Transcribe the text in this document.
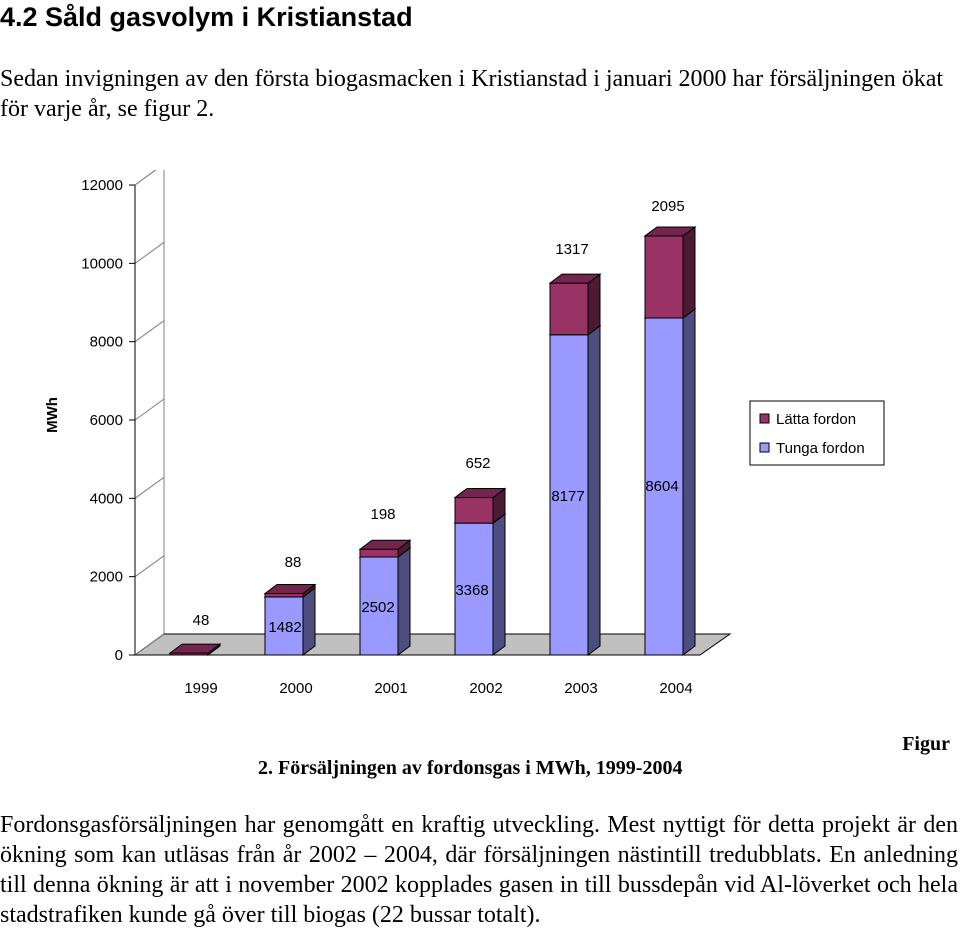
4.2 Såld gasvolym i Kristianstad

Sedan invigningen av den första biogasmacken i Kristianstad i januari 2000 har försäljningen ökat för varje år, se figur 2.

0
2000
4000
6000
8000
10000
12000
MWh
1999	2000	2001	2002	2003	2004
48
88
198
652
1317
2095
1482
2502
3368
8177
8604
Lätta fordon
Tunga fordon
Figur
2. Försäljningen av fordonsgas i MWh, 1999-2004

Fordonsgasförsäljningen har genomgått en kraftig utveckling. Mest nyttigt för detta projekt är den ökning som kan utläsas från år 2002 – 2004, där försäljningen nästintill tredubblats. En anledning till denna ökning är att i november 2002 kopplades gasen in till bussdepån vid Al-löverket och hela stadstrafiken kunde gå över till biogas (22 bussar totalt).
